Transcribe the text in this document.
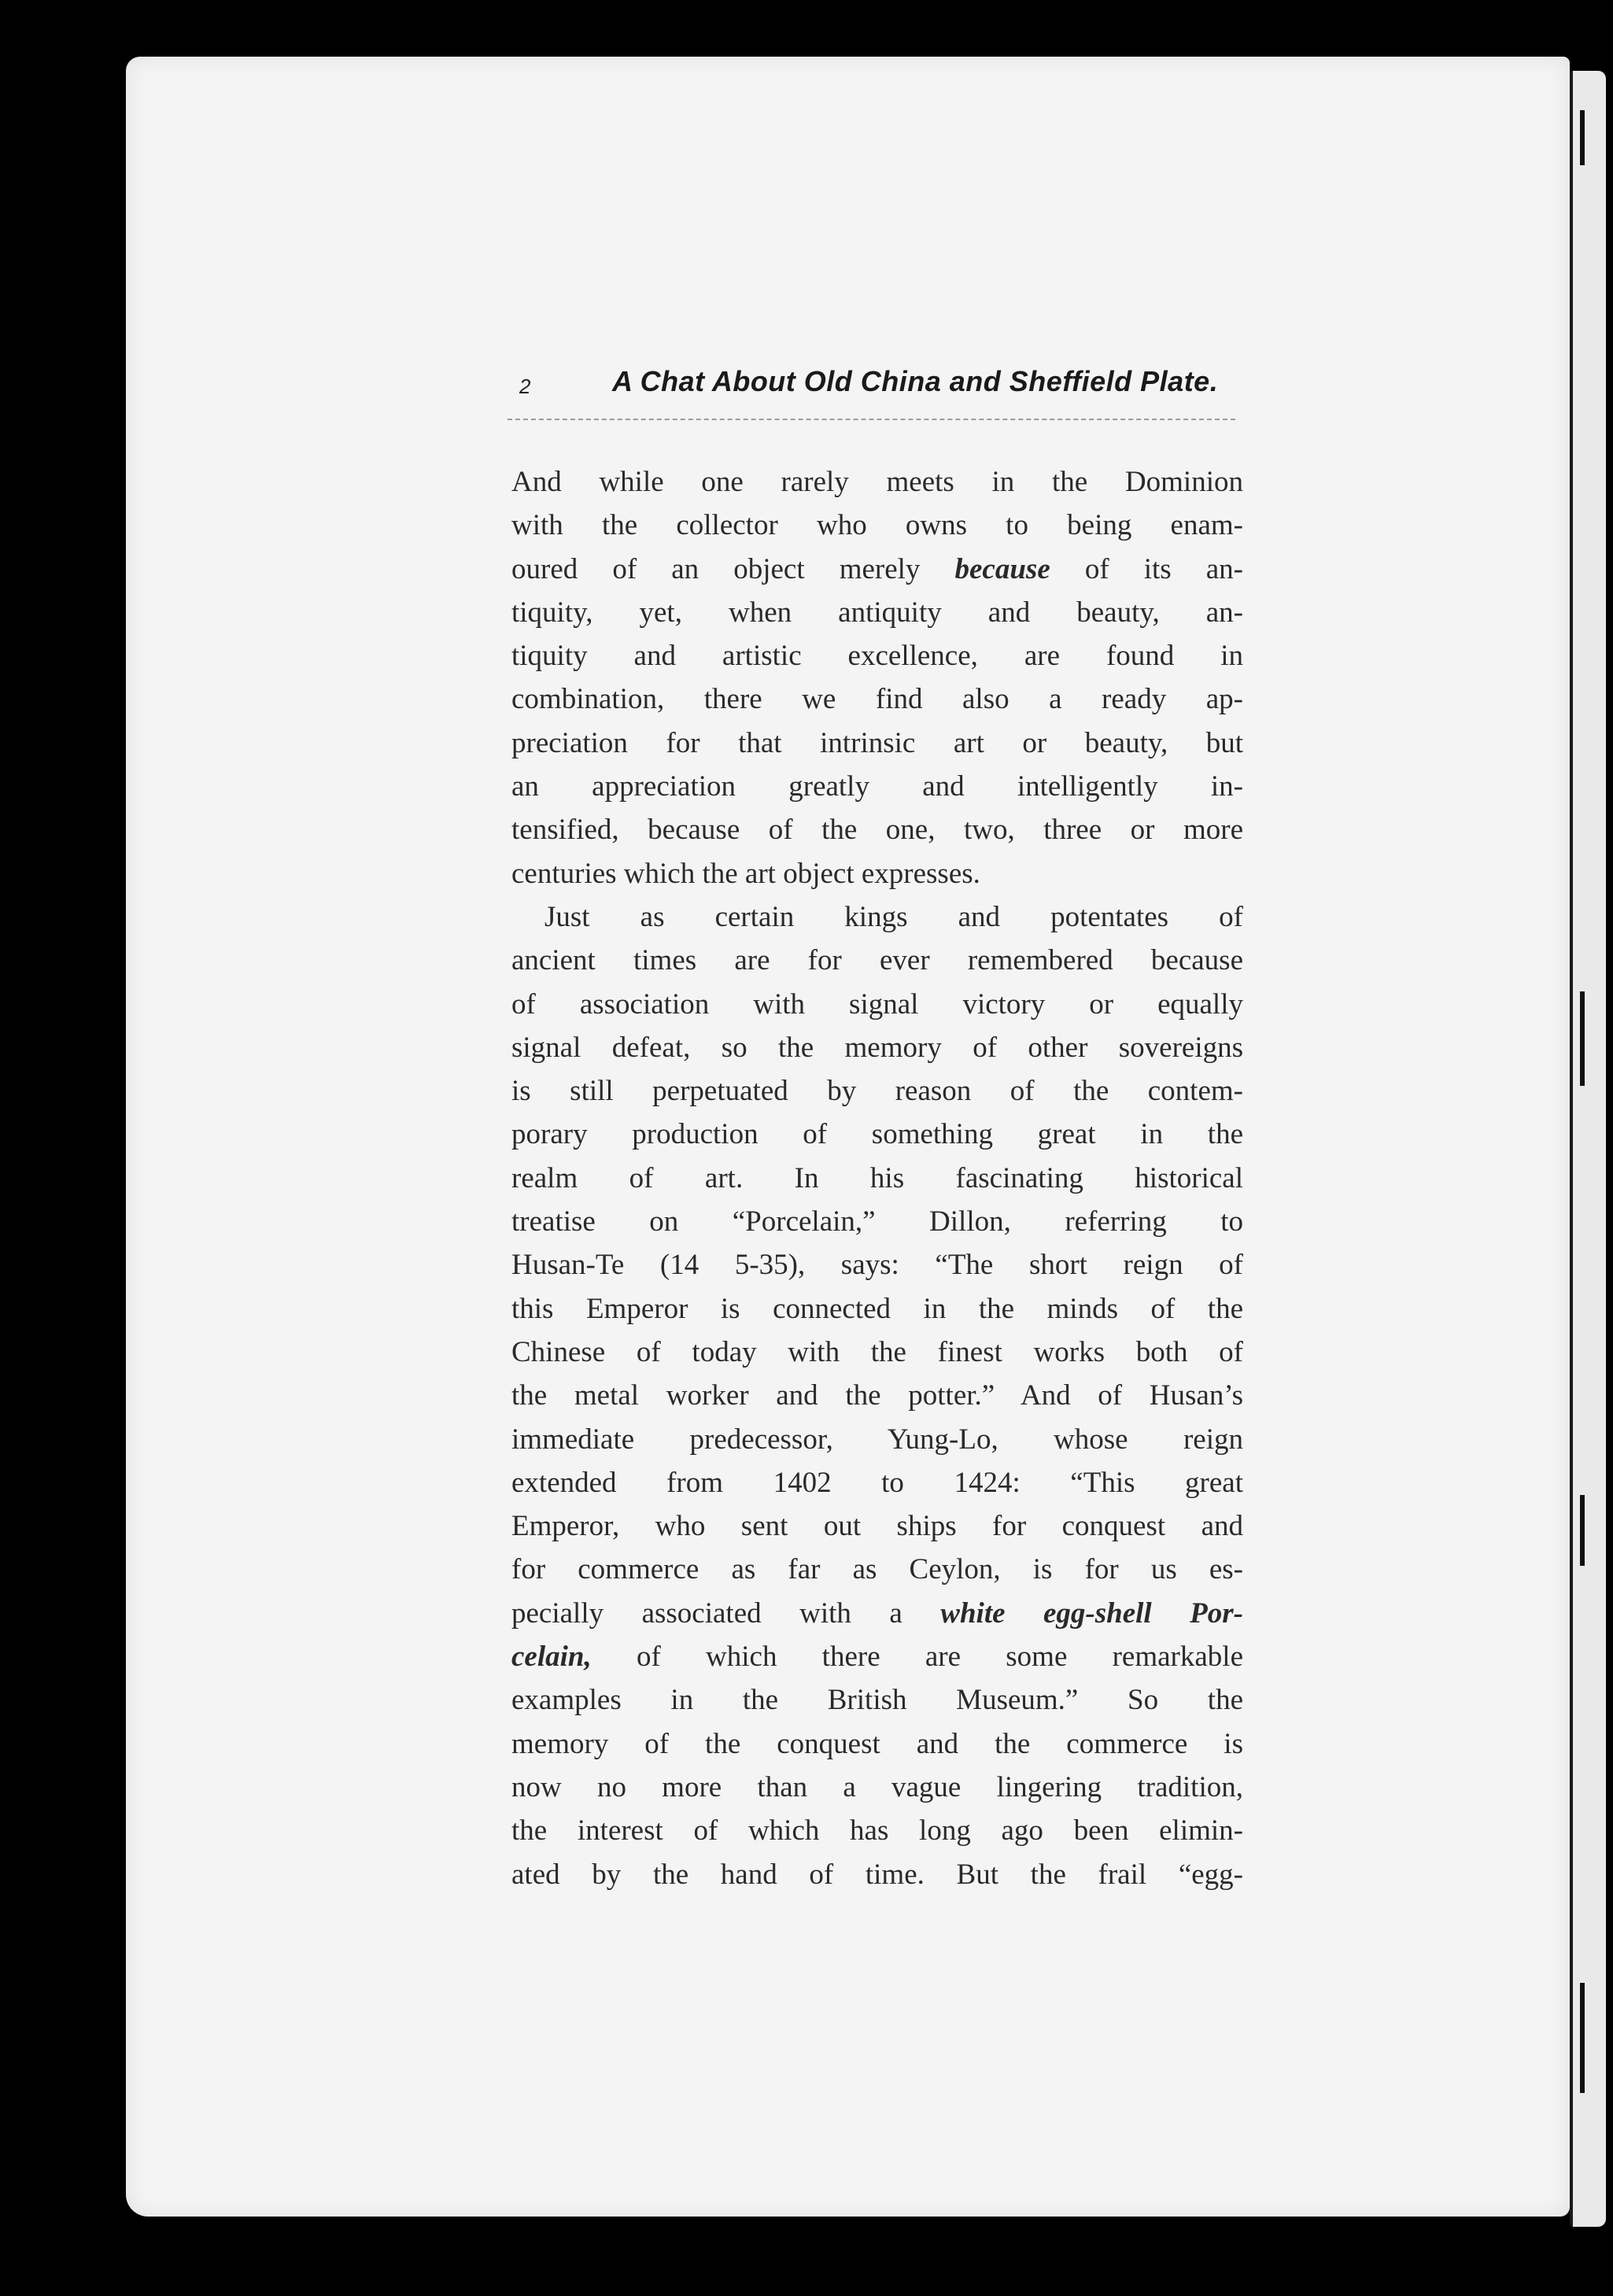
2	A Chat About Old China and Sheffield Plate.
And while one rarely meets in the Dominion
with the collector who owns to being enam-
oured of an object merely because of its an-
tiquity, yet, when antiquity and beauty, an-
tiquity and artistic excellence, are found in
combination, there we find also a ready ap-
preciation for that intrinsic art or beauty, but
an appreciation greatly and intelligently in-
tensified, because of the one, two, three or more
centuries which the art object expresses.
Just as certain kings and potentates of
ancient times are for ever remembered because
of association with signal victory or equally
signal defeat, so the memory of other sovereigns
is still perpetuated by reason of the contem-
porary production of something great in the
realm of art. In his fascinating historical
treatise on “Porcelain,” Dillon, referring to
Husan-Te (14 5-35), says: “The short reign of
this Emperor is connected in the minds of the
Chinese of today with the finest works both of
the metal worker and the potter.” And of Husan’s
immediate predecessor, Yung-Lo, whose reign
extended from 1402 to 1424: “This great
Emperor, who sent out ships for conquest and
for commerce as far as Ceylon, is for us es-
pecially associated with a white egg-shell Por-
celain, of which there are some remarkable
examples in the British Museum.” So the
memory of the conquest and the commerce is
now no more than a vague lingering tradition,
the interest of which has long ago been elimin-
ated by the hand of time. But the frail “egg-
